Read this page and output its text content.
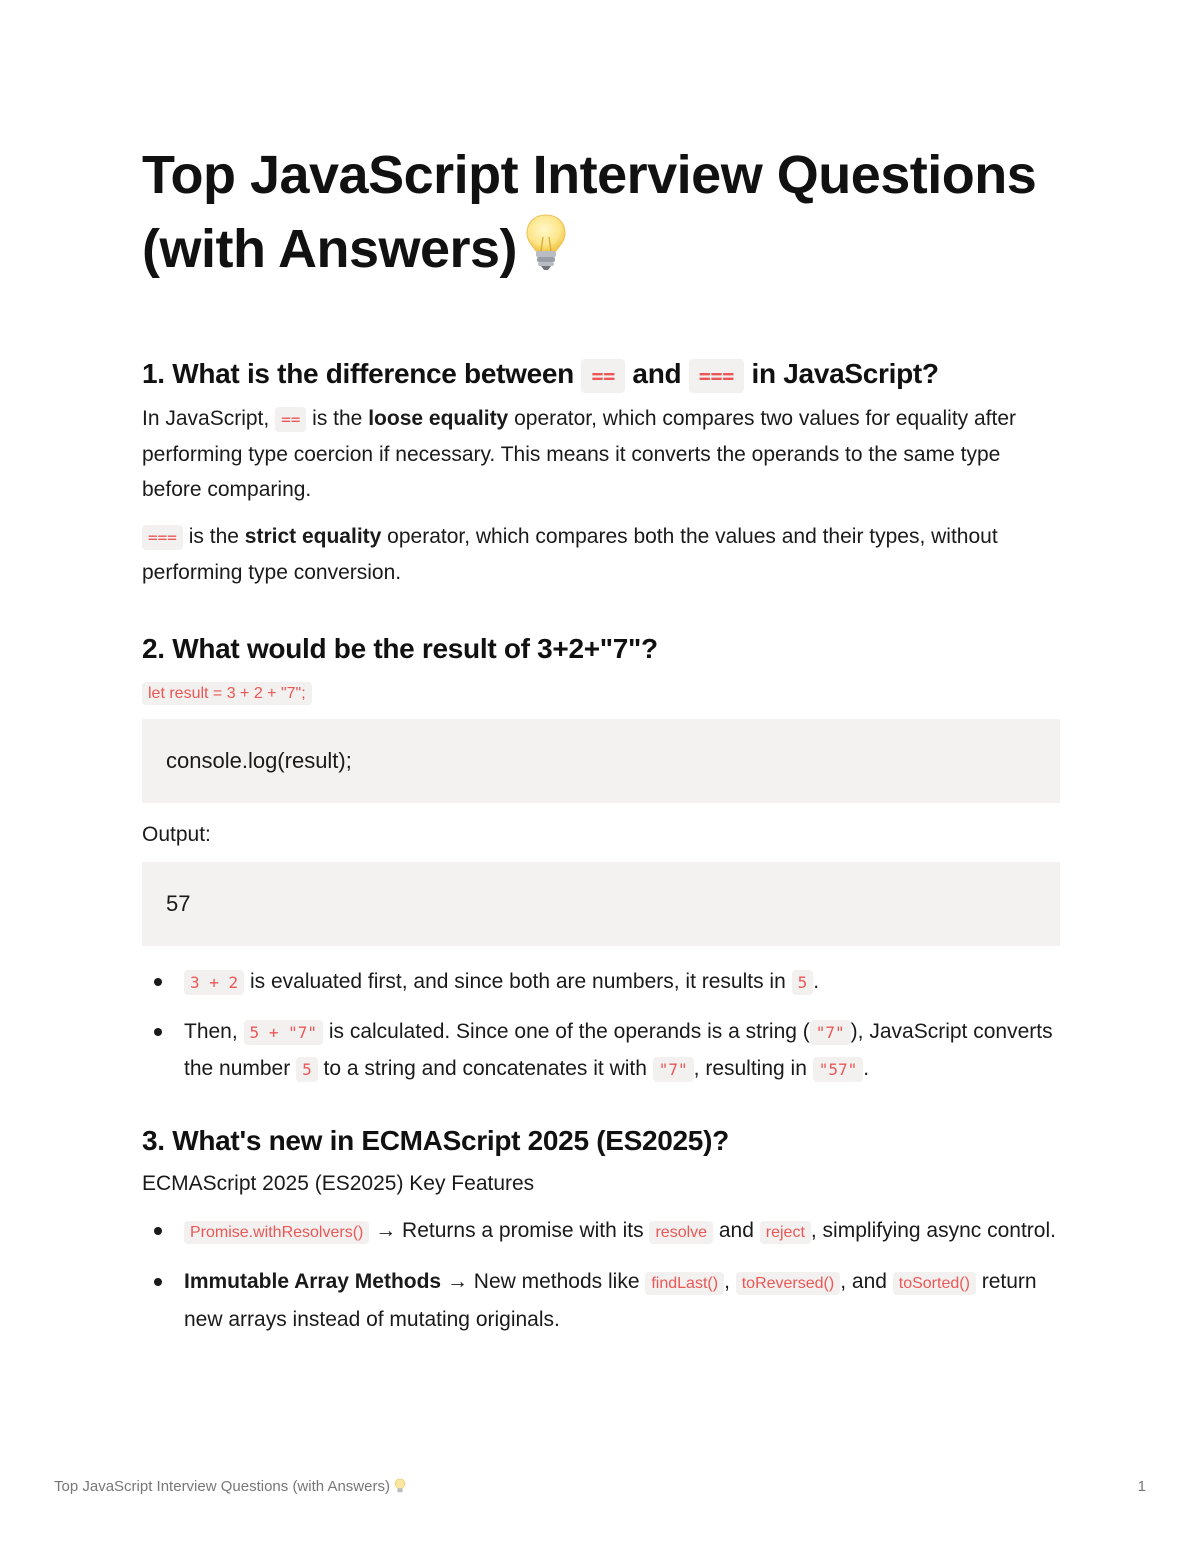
Top JavaScript Interview Questions (with Answers)
1. What is the difference between == and === in JavaScript?

In JavaScript, == is the loose equality operator, which compares two values for equality after performing type coercion if necessary. This means it converts the operands to the same type before comparing.

=== is the strict equality operator, which compares both the values and their types, without performing type conversion.

2. What would be the result of 3+2+"7"?

let result = 3 + 2 + "7";

console.log(result);

Output:

57
3 + 2 is evaluated first, and since both are numbers, it results in 5 .
Then, 5 + "7" is calculated. Since one of the operands is a string ( "7" ), JavaScript converts the number 5 to a string and concatenates it with "7" , resulting in "57" .
3. What's new in ECMAScript 2025 (ES2025)?

ECMAScript 2025 (ES2025) Key Features

Promise.withResolvers() → Returns a promise with its resolve and reject , simplifying async control.
Immutable Array Methods → New methods like findLast() , toReversed() , and toSorted() return new arrays instead of mutating originals.
Top JavaScript Interview Questions (with Answers)	1
